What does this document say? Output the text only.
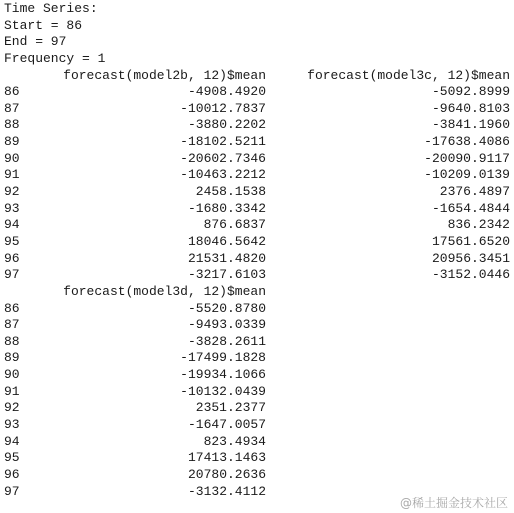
Time Series:
Start = 86
End = 97
Frequency = 1
forecast(model2b, 12)$mean	forecast(model3c, 12)$mean
86	-4908.4920	-5092.8999
87	-10012.7837	-9640.8103
88	-3880.2202	-3841.1960
89	-18102.5211	-17638.4086
90	-20602.7346	-20090.9117
91	-10463.2212	-10209.0139
92	2458.1538	2376.4897
93	-1680.3342	-1654.4844
94	876.6837	836.2342
95	18046.5642	17561.6520
96	21531.4820	20956.3451
97	-3217.6103	-3152.0446
forecast(model3d, 12)$mean
86	-5520.8780
87	-9493.0339
88	-3828.2611
89	-17499.1828
90	-19934.1066
91	-10132.0439
92	2351.2377
93	-1647.0057
94	823.4934
95	17413.1463
96	20780.2636
97	-3132.4112
@稀土掘金技术社区
